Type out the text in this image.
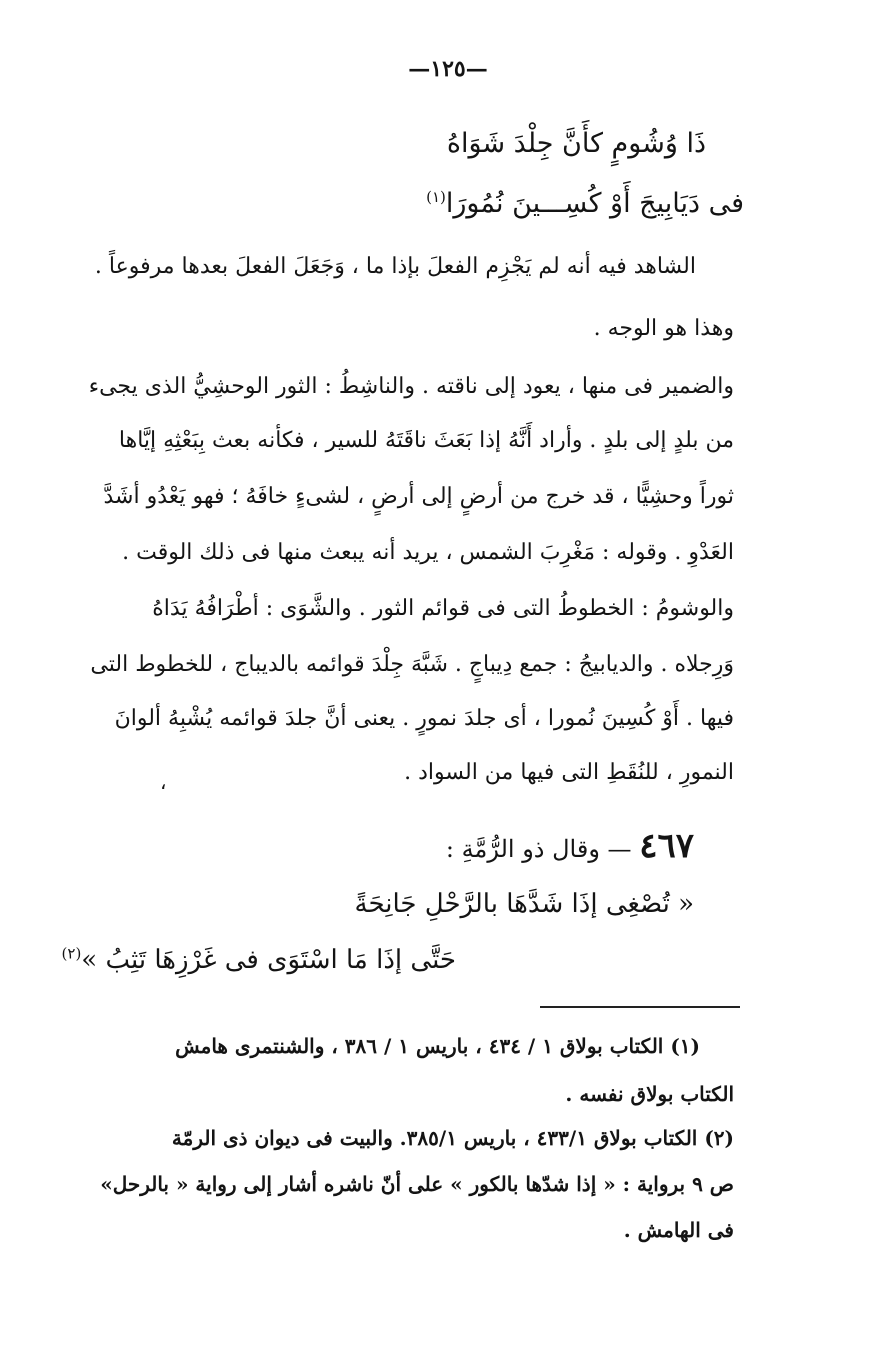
—١٢٥—
ذَا وُشُومٍ كأَنَّ جِلْدَ شَوَاهُ
فى دَيَابِيجَ أَوْ كُسِـــينَ نُمُورَا$^{(١)}$
الشاهد فيه أنه لم يَجْزِم الفعلَ بإذا ما ، وَجَعَلَ الفعلَ بعدها مرفوعاً .
وهذا هو الوجه .
والضمير فى منها ، يعود إلى ناقته . والناشِطُ : الثور الوحشِيُّ الذى يجىء
من بلدٍ إلى بلدٍ . وأراد أَنَّهُ إذا بَعَثَ ناقَتَهُ للسير ، فكأنه بعث بِبَعْثِهِ إيَّاها
ثوراً وحشِيًّا ، قد خرج من أرضٍ إلى أرضٍ ، لشىءٍ خافَهُ ؛ فهو يَعْدُو أشَدَّ
العَدْوِ . وقوله : مَغْرِبَ الشمس ، يريد أنه يبعث منها فى ذلك الوقت .
والوشومُ : الخطوطُ التى فى قوائم الثور . والشَّوَى : أطْرَافُهُ يَدَاهُ
وَرِجلاه . والديابيجُ : جمع دِيباجٍ . شَبَّهَ جِلْدَ قوائمه بالديباج ، للخطوط التى
فيها . أَوْ كُسِينَ نُمورا ، أى جلدَ نمورٍ . يعنى أنَّ جلدَ قوائمه يُشْبِهُ ألوانَ
النمورِ ، للنُقَطِ التى فيها من السواد .
،
٤٦٧ — وقال ذو الرُّمَّةِ :
« تُصْغِى إذَا شَدَّهَا بالرَّحْلِ جَانِحَةً
حَتَّى إذَا مَا اسْتَوَى فى غَرْزِهَا تَثِبُ »$^{(٢)}$
(١) الكتاب بولاق ١ / ٤٣٤ ، باريس ١ / ٣٨٦ ، والشنتمرى هامش
الكتاب بولاق نفسه .
(٢) الكتاب بولاق ٤٣٣/١ ، باريس ٣٨٥/١. والبيت فى ديوان ذى الرمّة
ص ٩ برواية : « إذا شدّها بالكور » على أنّ ناشره أشار إلى رواية « بالرحل»
فى الهامش .
